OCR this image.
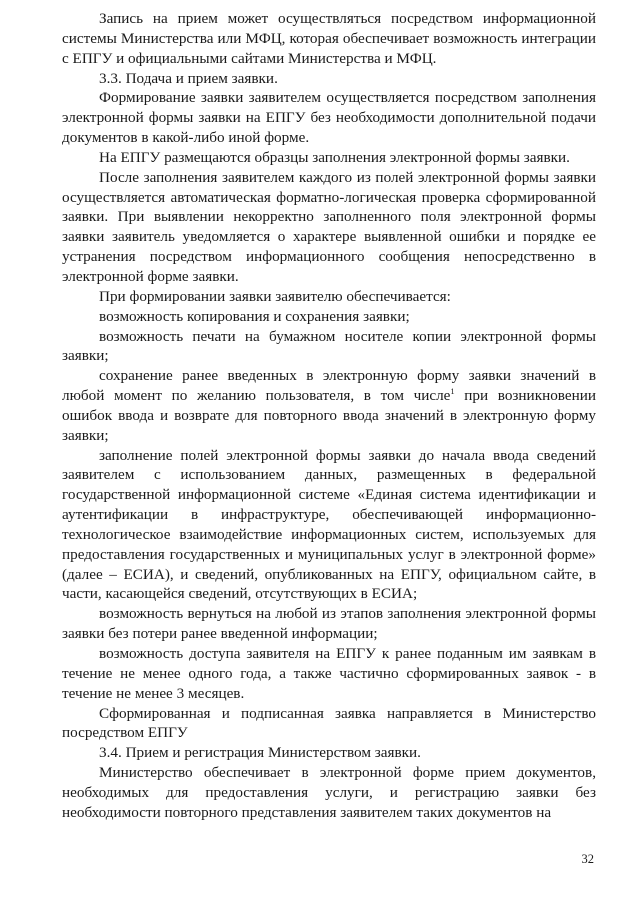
Запись на прием может осуществляться посредством информационной системы Министерства или МФЦ, которая обеспечивает возможность интеграции с ЕПГУ и официальными сайтами Министерства и МФЦ.

3.3. Подача и прием заявки.

Формирование заявки заявителем осуществляется посредством заполнения электронной формы заявки на ЕПГУ без необходимости дополнительной подачи документов в какой-либо иной форме.

На ЕПГУ размещаются образцы заполнения электронной формы заявки.

После заполнения заявителем каждого из полей электронной формы заявки осуществляется автоматическая форматно-логическая проверка сформированной заявки. При выявлении некорректно заполненного поля электронной формы заявки заявитель уведомляется о характере выявленной ошибки и порядке ее устранения посредством информационного сообщения непосредственно в электронной форме заявки.

При формировании заявки заявителю обеспечивается:

возможность копирования и сохранения заявки;

возможность печати на бумажном носителе копии электронной формы заявки;

сохранение ранее введенных в электронную форму заявки значений в любой момент по желанию пользователя, в том числе$^1$ при возникновении ошибок ввода и возврате для повторного ввода значений в электронную форму заявки;

заполнение полей электронной формы заявки до начала ввода сведений заявителем с использованием данных, размещенных в федеральной государственной информационной системе «Единая система идентификации и аутентификации в инфраструктуре, обеспечивающей информационно-технологическое взаимодействие информационных систем, используемых для предоставления государственных и муниципальных услуг в электронной форме» (далее – ЕСИА), и сведений, опубликованных на ЕПГУ, официальном сайте, в части, касающейся сведений, отсутствующих в ЕСИА;

возможность вернуться на любой из этапов заполнения электронной формы заявки без потери ранее введенной информации;

возможность доступа заявителя на ЕПГУ к ранее поданным им заявкам в течение не менее одного года, а также частично сформированных заявок - в течение не менее 3 месяцев.

Сформированная и подписанная заявка направляется в Министерство посредством ЕПГУ

3.4. Прием и регистрация Министерством заявки.

Министерство обеспечивает в электронной форме прием документов, необходимых для предоставления услуги, и регистрацию заявки без необходимости повторного представления заявителем таких документов на

32
